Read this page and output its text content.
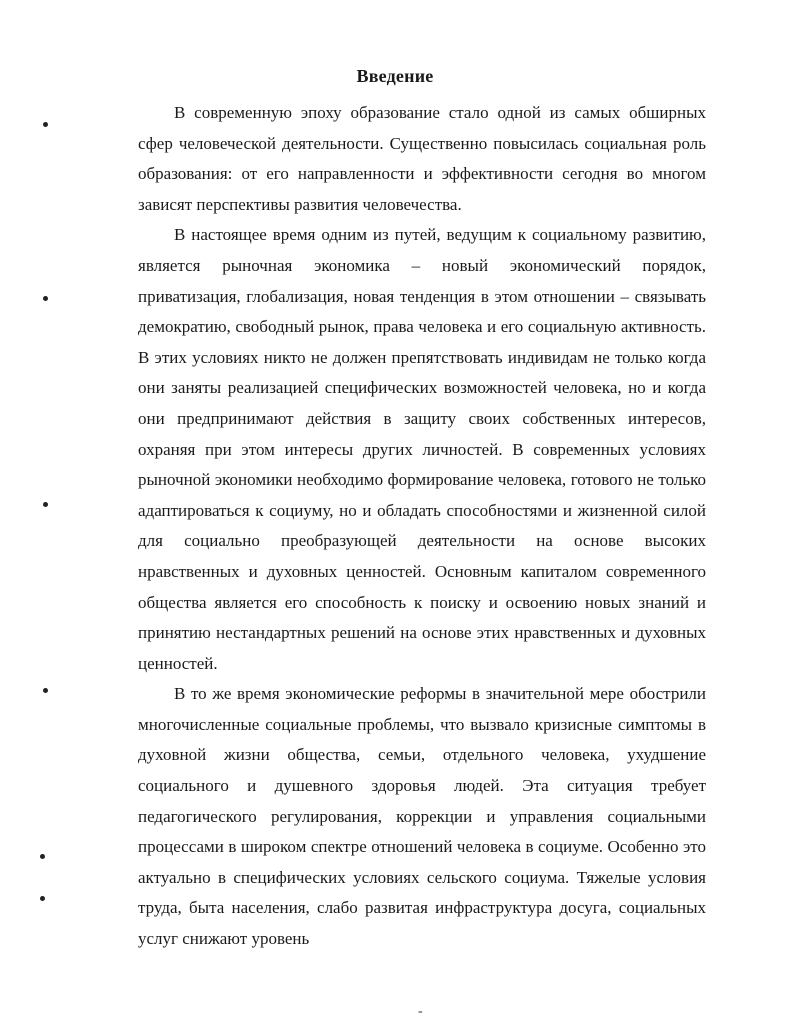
Введение

В современную эпоху образование стало одной из самых обширных сфер человеческой деятельности. Существенно повысилась социальная роль образования: от его направленности и эффективности сегодня во многом зависят перспективы развития человечества.

В настоящее время одним из путей, ведущим к социальному развитию, является рыночная экономика – новый экономический порядок, приватизация, глобализация, новая тенденция в этом отношении – связывать демократию, свободный рынок, права человека и его социальную активность. В этих условиях никто не должен препятствовать индивидам не только когда они заняты реализацией специфических возможностей человека, но и когда они предпринимают действия в защиту своих собственных интересов, охраняя при этом интересы других личностей. В современных условиях рыночной экономики необходимо формирование человека, готового не только адаптироваться к социуму, но и обладать способностями и жизненной силой для социально преобразующей деятельности на основе высоких нравственных и духовных ценностей. Основным капиталом современного общества является его способность к поиску и освоению новых знаний и принятию нестандартных решений на основе этих нравственных и духовных ценностей.

В то же время экономические реформы в значительной мере обострили многочисленные социальные проблемы, что вызвало кризисные симптомы в духовной жизни общества, семьи, отдельного человека, ухудшение социального и душевного здоровья людей. Эта ситуация требует педагогического регулирования, коррекции и управления социальными процессами в широком спектре отношений человека в социуме. Особенно это актуально в специфических условиях сельского социума. Тяжелые условия труда, быта населения, слабо развитая инфраструктура досуга, социальных услуг снижают уровень

-
